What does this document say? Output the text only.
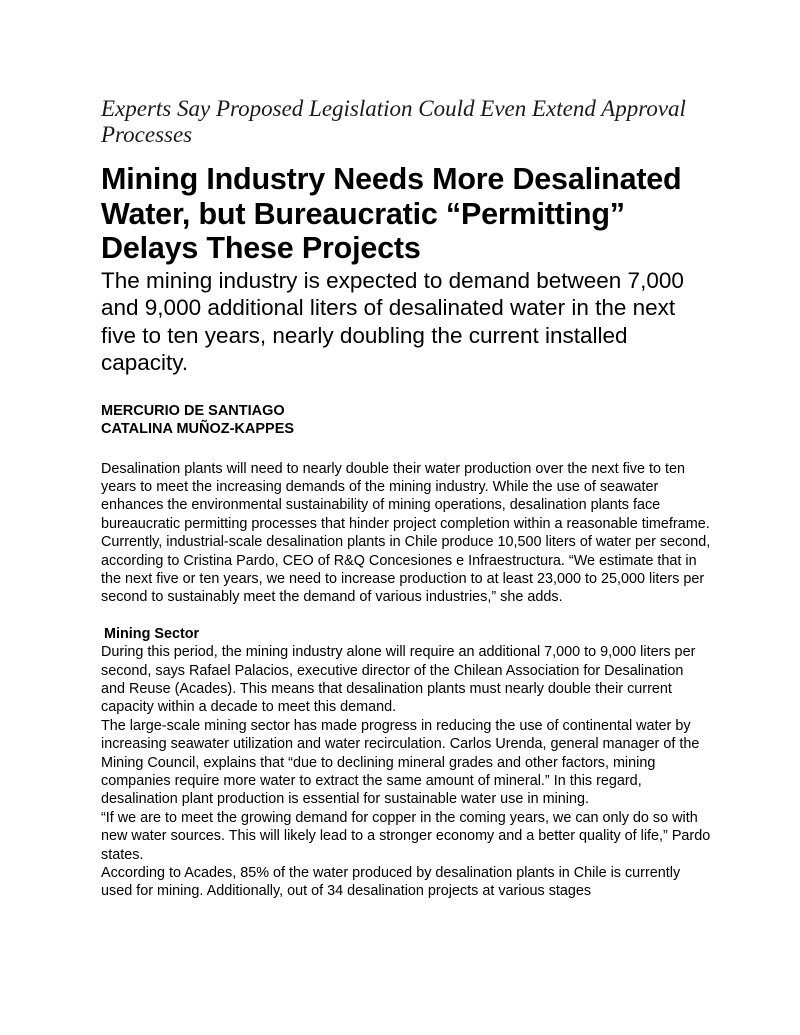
Experts Say Proposed Legislation Could Even Extend Approval Processes
Mining Industry Needs More Desalinated Water, but Bureaucratic “Permitting” Delays These Projects
The mining industry is expected to demand between 7,000 and 9,000 additional liters of desalinated water in the next five to ten years, nearly doubling the current installed capacity.
MERCURIO DE SANTIAGO
CATALINA MUÑOZ-KAPPES

Desalination plants will need to nearly double their water production over the next five to ten years to meet the increasing demands of the mining industry. While the use of seawater enhances the environmental sustainability of mining operations, desalination plants face bureaucratic permitting processes that hinder project completion within a reasonable timeframe.

Currently, industrial-scale desalination plants in Chile produce 10,500 liters of water per second, according to Cristina Pardo, CEO of R&Q Concesiones e Infraestructura. “We estimate that in the next five or ten years, we need to increase production to at least 23,000 to 25,000 liters per second to sustainably meet the demand of various industries,” she adds.

Mining Sector

During this period, the mining industry alone will require an additional 7,000 to 9,000 liters per second, says Rafael Palacios, executive director of the Chilean Association for Desalination and Reuse (Acades). This means that desalination plants must nearly double their current capacity within a decade to meet this demand.

The large-scale mining sector has made progress in reducing the use of continental water by increasing seawater utilization and water recirculation. Carlos Urenda, general manager of the Mining Council, explains that “due to declining mineral grades and other factors, mining companies require more water to extract the same amount of mineral.” In this regard, desalination plant production is essential for sustainable water use in mining.

“If we are to meet the growing demand for copper in the coming years, we can only do so with new water sources. This will likely lead to a stronger economy and a better quality of life,” Pardo states.

According to Acades, 85% of the water produced by desalination plants in Chile is currently used for mining. Additionally, out of 34 desalination projects at various stages
